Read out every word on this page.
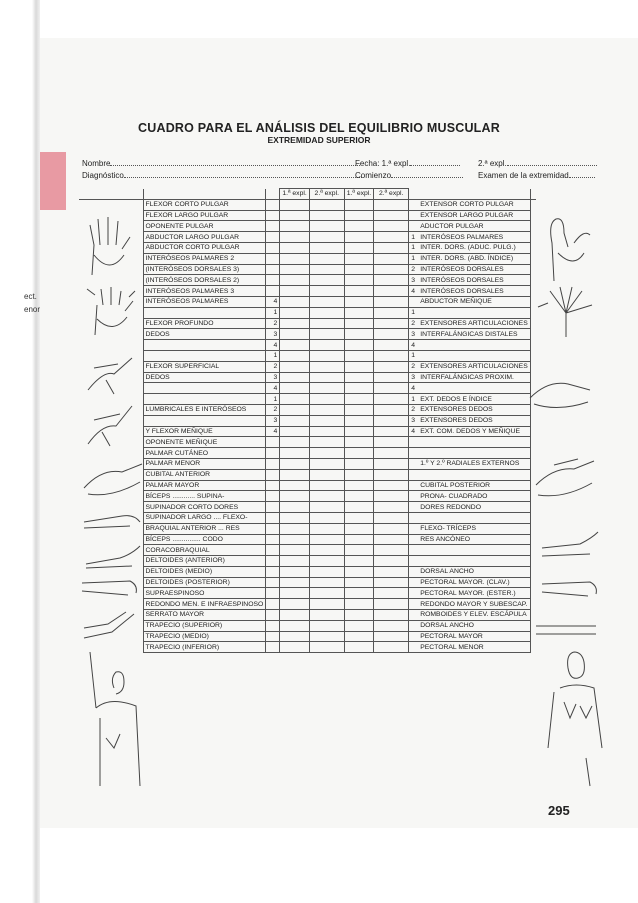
ect.
enor
CUADRO PARA EL ANÁLISIS DEL EQUILIBRIO MUSCULAR
EXTREMIDAD SUPERIOR
Nombre
Diagnóstico
Fecha: 1.ª expl.	2.ª expl.
Comienzo	Examen de la extremidad
			1.ª expl.	2.ª expl.	1.ª expl.	2.ª expl.		
	FLEXOR CORTO PULGAR						EXTENSOR CORTO PULGAR	
	FLEXOR LARGO PULGAR						EXTENSOR LARGO PULGAR	
	OPONENTE PULGAR						ADUCTOR PULGAR	
	ABDUCTOR LARGO PULGAR						1 INTERÓSEOS PALMARES	
	ABDUCTOR CORTO PULGAR						1 INTER. DORS. (ADUC. PULG.)	
	INTERÓSEOS PALMARES 2						1 INTER. DORS. (ABD. ÍNDICE)	
	(INTERÓSEOS DORSALES 3)						2 INTERÓSEOS DORSALES	
	(INTERÓSEOS DORSALES 2)						3 INTERÓSEOS DORSALES	
	INTERÓSEOS PALMARES 3						4 INTERÓSEOS DORSALES	
	INTERÓSEOS PALMARES	4					ABDUCTOR MEÑIQUE	
		1					1	
	FLEXOR PROFUNDO	2					2 EXTENSORES ARTICULACIONES	
	DEDOS	3					3 INTERFALÁNGICAS DISTALES	
		4					4	
		1					1	
	FLEXOR SUPERFICIAL	2					2 EXTENSORES ARTICULACIONES	
	DEDOS	3					3 INTERFALÁNGICAS PROXIM.	
		4					4	
		1					1 EXT. DEDOS E ÍNDICE	
	LUMBRICALES E INTERÓSEOS	2					2 EXTENSORES DEDOS	
		3					3 EXTENSORES DEDOS	
	Y FLEXOR MEÑIQUE	4					4 EXT. COM. DEDOS Y MEÑIQUE	
	OPONENTE MEÑIQUE							
	PALMAR CUTÁNEO							
	PALMAR MENOR						1.º Y 2.º RADIALES EXTERNOS	
	CUBITAL ANTERIOR							
	PALMAR MAYOR						CUBITAL POSTERIOR	
	BÍCEPS ............ SUPINA-						PRONA- CUADRADO	
	SUPINADOR CORTO DORES						DORES REDONDO	
	SUPINADOR LARGO .... FLEXO-							
	BRAQUIAL ANTERIOR ... RES						FLEXO- TRÍCEPS	
	BÍCEPS ............... CODO						RES ANCÓNEO	
	CORACOBRAQUIAL							
	DELTOIDES (ANTERIOR)							
	DELTOIDES (MEDIO)						DORSAL ANCHO	
	DELTOIDES (POSTERIOR)						PECTORAL MAYOR. (CLAV.)	
	SUPRAESPINOSO						PECTORAL MAYOR. (ESTER.)	
	REDONDO MEN. E INFRAESPINOSO						REDONDO MAYOR Y SUBESCAP.	
	SERRATO MAYOR						ROMBOIDES Y ELEV. ESCÁPULA	
	TRAPECIO (SUPERIOR)						DORSAL ANCHO	
	TRAPECIO (MEDIO)						PECTORAL MAYOR	
	TRAPECIO (INFERIOR)						PECTORAL MENOR	
295
